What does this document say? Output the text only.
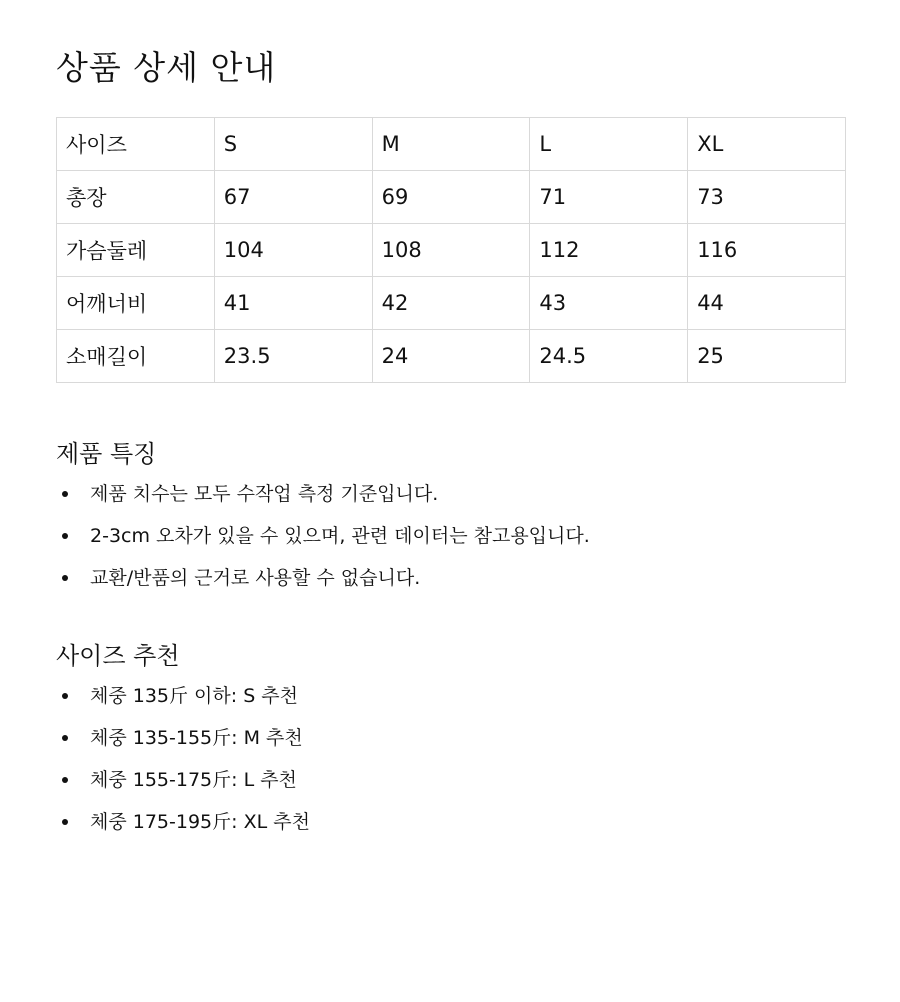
상품 상세 안내
사이즈	S	M	L	XL
총장	67	69	71	73
가슴둘레	104	108	112	116
어깨너비	41	42	43	44
소매길이	23.5	24	24.5	25
제품 특징
제품 치수는 모두 수작업 측정 기준입니다.
2-3cm 오차가 있을 수 있으며, 관련 데이터는 참고용입니다.
교환/반품의 근거로 사용할 수 없습니다.
사이즈 추천
체중 135斤 이하: S 추천
체중 135-155斤: M 추천
체중 155-175斤: L 추천
체중 175-195斤: XL 추천
